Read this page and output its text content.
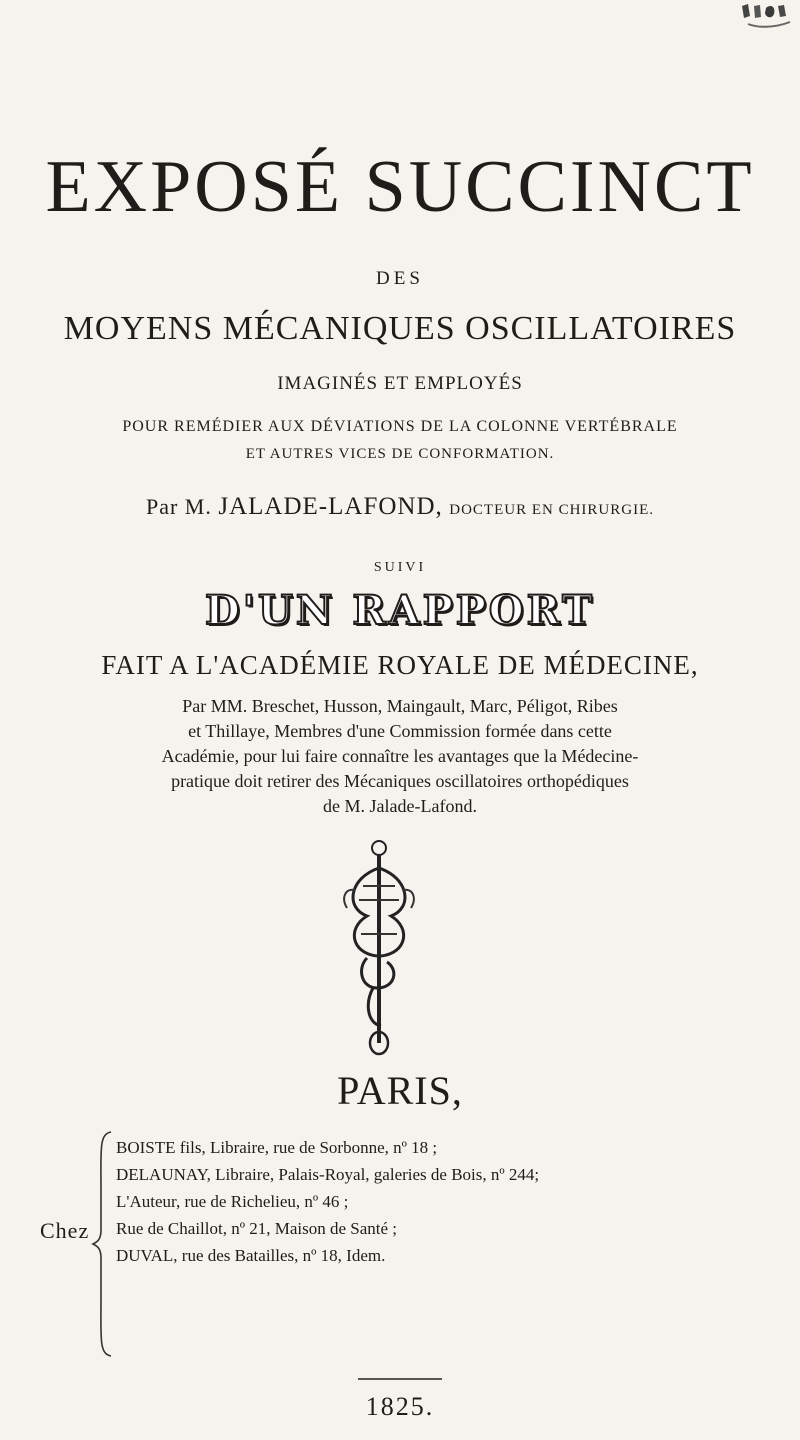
EXPOSÉ SUCCINCT
DES
MOYENS MÉCANIQUES OSCILLATOIRES
IMAGINÉS ET EMPLOYÉS
POUR REMÉDIER AUX DÉVIATIONS DE LA COLONNE VERTÉBRALE
ET AUTRES VICES DE CONFORMATION.
Par M. JALADE-LAFOND, DOCTEUR EN CHIRURGIE.
SUIVI
D'UN RAPPORT
FAIT A L'ACADÉMIE ROYALE DE MÉDECINE,
Par MM. Breschet, Husson, Maingault, Marc, Péligot, Ribes
et Thillaye, Membres d'une Commission formée dans cette
Académie, pour lui faire connaître les avantages que la Médecine-
pratique doit retirer des Mécaniques oscillatoires orthopédiques
de M. Jalade-Lafond.
PARIS,
Chez
BOISTE fils, Libraire, rue de Sorbonne, nº 18 ;
DELAUNAY, Libraire, Palais-Royal, galeries de Bois, nº 244;
L'Auteur, rue de Richelieu, nº 46 ;
Rue de Chaillot, nº 21, Maison de Santé ;
DUVAL, rue des Batailles, nº 18, Idem.
1825.
